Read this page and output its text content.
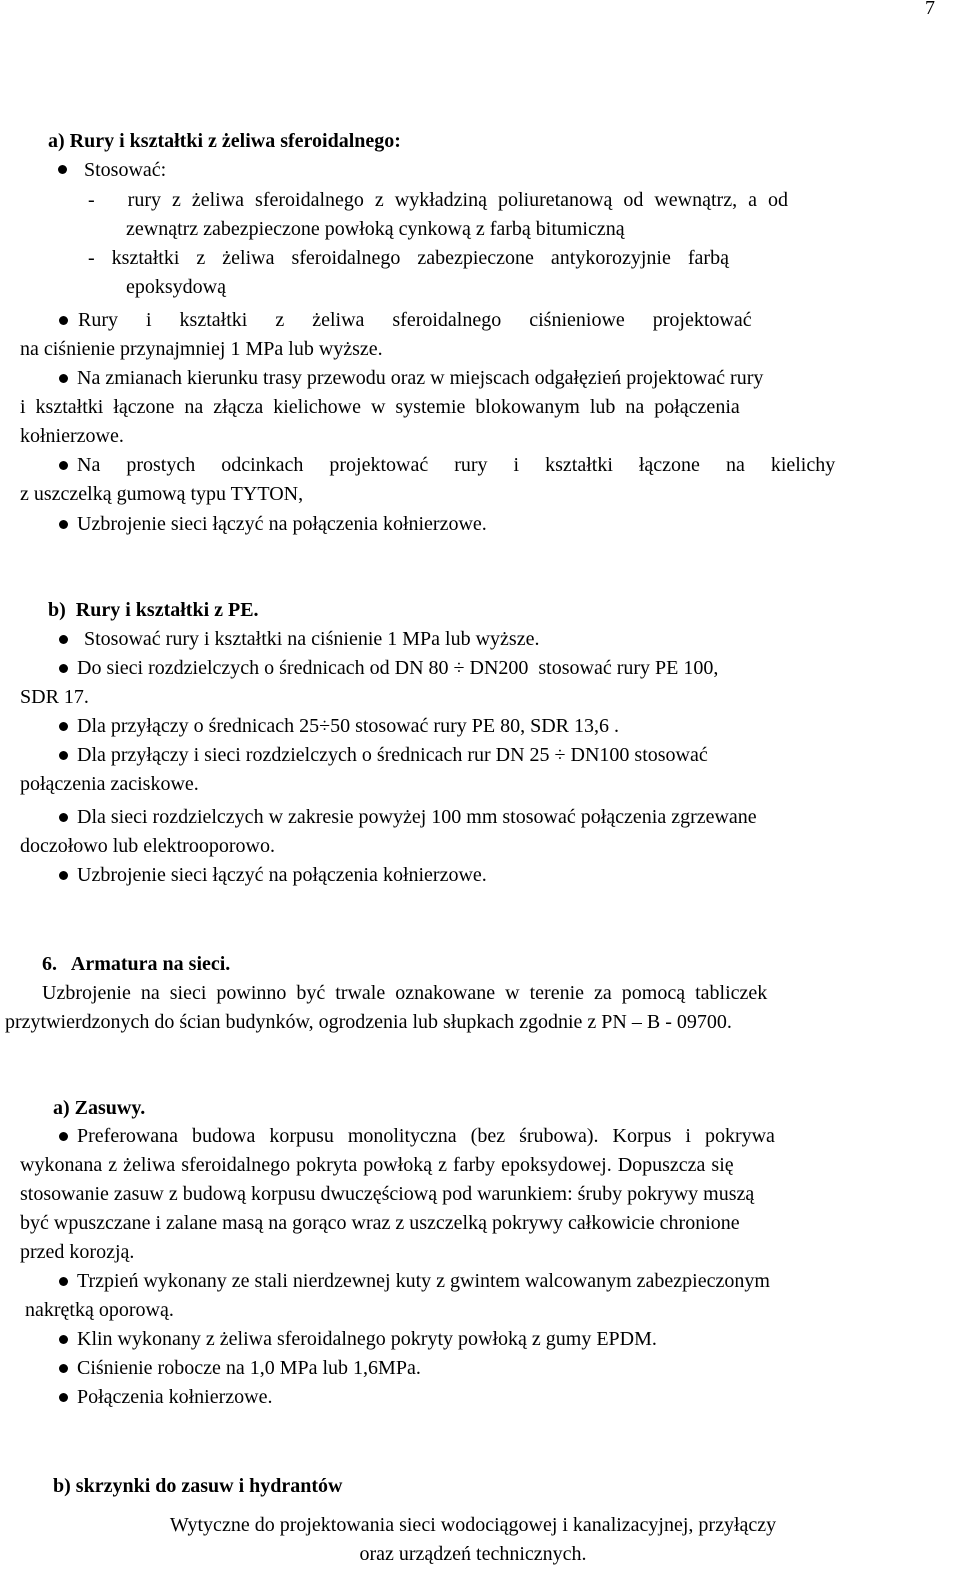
7
a) Rury i kształtki z żeliwa sferoidalnego:
Stosować:
-   rury z żeliwa sferoidalnego z wykładziną poliuretanową od wewnątrz, a od
zewnątrz zabezpieczone powłoką cynkową z farbą bitumiczną
- kształtki z żeliwa sferoidalnego zabezpieczone antykorozyjnie farbą
epoksydową
Rury i kształtki z żeliwa sferoidalnego ciśnieniowe projektować
na ciśnienie przynajmniej 1 MPa lub wyższe.
Na zmianach kierunku trasy przewodu oraz w miejscach odgałęzień projektować rury
i kształtki łączone na złącza kielichowe w systemie blokowanym lub na połączenia
kołnierzowe.
Na prostych odcinkach projektować rury i kształtki łączone na kielichy
z uszczelką gumową typu TYTON,
Uzbrojenie sieci łączyć na połączenia kołnierzowe.
b)  Rury i kształtki z PE.
Stosować rury i kształtki na ciśnienie 1 MPa lub wyższe.
Do sieci rozdzielczych o średnicach od DN 80 ÷ DN200  stosować rury PE 100,
SDR 17.
Dla przyłączy o średnicach 25÷50 stosować rury PE 80, SDR 13,6 .
Dla przyłączy i sieci rozdzielczych o średnicach rur DN 25 ÷ DN100 stosować
połączenia zaciskowe.
Dla sieci rozdzielczych w zakresie powyżej 100 mm stosować połączenia zgrzewane
doczołowo lub elektrooporowo.
Uzbrojenie sieci łączyć na połączenia kołnierzowe.
6.   Armatura na sieci.
Uzbrojenie na sieci powinno być trwale oznakowane w terenie za pomocą tabliczek
przytwierdzonych do ścian budynków, ogrodzenia lub słupkach zgodnie z PN – B - 09700.
a) Zasuwy.
Preferowana budowa korpusu monolityczna (bez śrubowa). Korpus i pokrywa
wykonana z żeliwa sferoidalnego pokryta powłoką z farby epoksydowej. Dopuszcza się
stosowanie zasuw z budową korpusu dwuczęściową pod warunkiem: śruby pokrywy muszą
być wpuszczane i zalane masą na gorąco wraz z uszczelką pokrywy całkowicie chronione
przed korozją.
Trzpień wykonany ze stali nierdzewnej kuty z gwintem walcowanym zabezpieczonym
nakrętką oporową.
Klin wykonany z żeliwa sferoidalnego pokryty powłoką z gumy EPDM.
Ciśnienie robocze na 1,0 MPa lub 1,6MPa.
Połączenia kołnierzowe.
b) skrzynki do zasuw i hydrantów
Wytyczne do projektowania sieci wodociągowej i kanalizacyjnej, przyłączy
oraz urządzeń technicznych.
